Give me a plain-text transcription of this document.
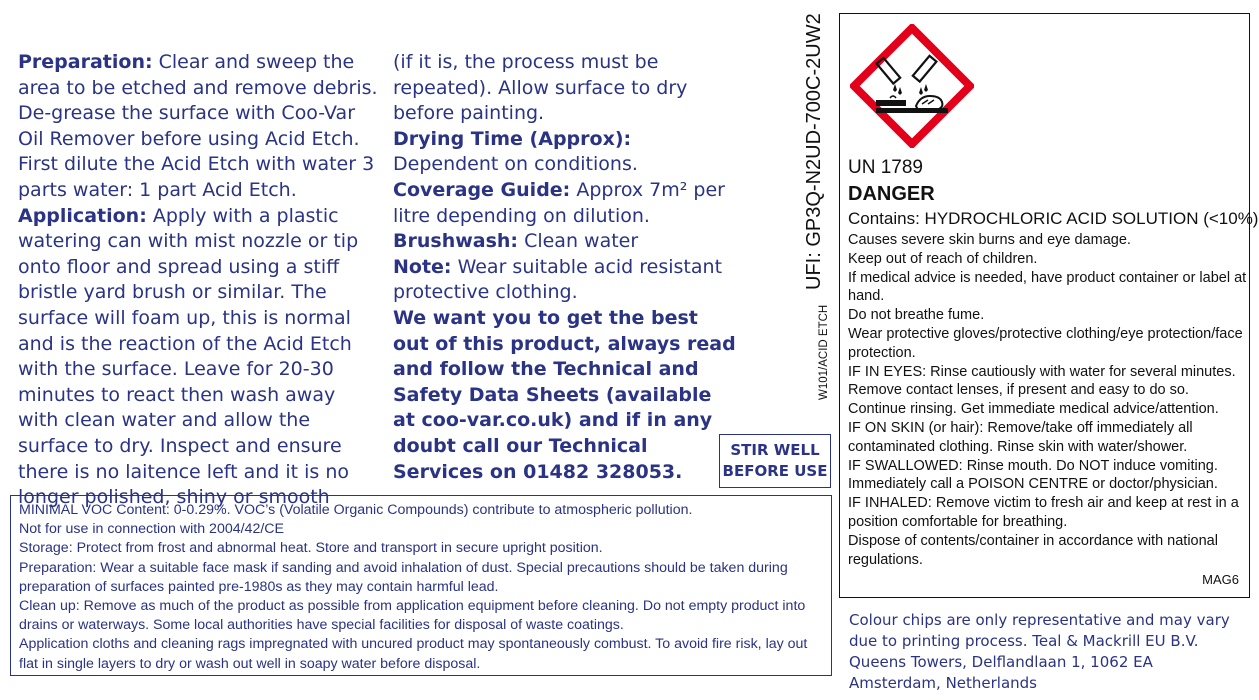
Preparation: Clear and sweep the area to be etched and remove debris. De-grease the surface with Coo-Var Oil Remover before using Acid Etch. First dilute the Acid Etch with water 3 parts water: 1 part Acid Etch.

Application: Apply with a plastic watering can with mist nozzle or tip onto floor and spread using a stiff bristle yard brush or similar. The surface will foam up, this is normal and is the reaction of the Acid Etch with the surface. Leave for 20-30 minutes to react then wash away with clean water and allow the surface to dry. Inspect and ensure there is no laitence left and it is no longer polished, shiny or smooth

(if it is, the process must be repeated). Allow surface to dry before painting.

Drying Time (Approx): Dependent on conditions.

Coverage Guide: Approx 7m² per litre depending on dilution.

Brushwash: Clean water

Note: Wear suitable acid resistant protective clothing.

We want you to get the best out of this product, always read and follow the Technical and Safety Data Sheets (available at coo-var.co.uk) and if in any doubt call our Technical Services on 01482 328053.
STIR WELL
BEFORE USE

MINIMAL VOC Content: 0-0.29%. VOC’s (Volatile Organic Compounds) contribute to atmospheric pollution.

Not for use in connection with 2004/42/CE

Storage: Protect from frost and abnormal heat. Store and transport in secure upright position.

Preparation: Wear a suitable face mask if sanding and avoid inhalation of dust. Special precautions should be taken during preparation of surfaces painted pre-1980s as they may contain harmful lead.

Clean up: Remove as much of the product as possible from application equipment before cleaning. Do not empty product into drains or waterways. Some local authorities have special facilities for disposal of waste coatings.

Application cloths and cleaning rags impregnated with uncured product may spontaneously combust. To avoid fire risk, lay out flat in single layers to dry or wash out well in soapy water before disposal.

W101/ACID ETCH
UFI: GP3Q-N2UD-700C-2UW2 UN 1789
DANGER
Contains: HYDROCHLORIC ACID SOLUTION (<10%)

Causes severe skin burns and eye damage.

Keep out of reach of children.

If medical advice is needed, have product container or label at hand.

Do not breathe fume.

Wear protective gloves/protective clothing/eye protection/face protection.

IF IN EYES: Rinse cautiously with water for several minutes. Remove contact lenses, if present and easy to do so. Continue rinsing. Get immediate medical advice/attention.

IF ON SKIN (or hair): Remove/take off immediately all contaminated clothing. Rinse skin with water/shower.

IF SWALLOWED: Rinse mouth. Do NOT induce vomiting. Immediately call a POISON CENTRE or doctor/physician.

IF INHALED: Remove victim to fresh air and keep at rest in a position comfortable for breathing.

Dispose of contents/container in accordance with national regulations.

MAG6
Colour chips are only representative and may vary due to printing process. Teal & Mackrill EU B.V. Queens Towers, Delflandlaan 1, 1062 EA Amsterdam, Netherlands
